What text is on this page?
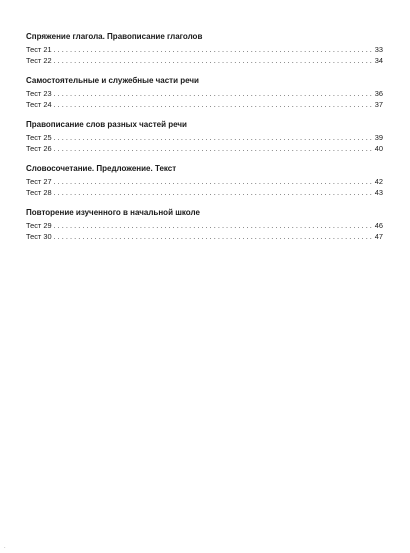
Спряжение глагола. Правописание глаголов
Тест 21 . . .	33
Тест 22 . . .	34
Самостоятельные и служебные части речи
Тест 23 . . .	36
Тест 24 . . .	37
Правописание слов разных частей речи
Тест 25 . . .	39
Тест 26 . . .	40
Словосочетание. Предложение. Текст
Тест 27 . . .	42
Тест 28 . . .	43
Повторение изученного в начальной школе
Тест 29 . . .	46
Тест 30 . . .	47
·
